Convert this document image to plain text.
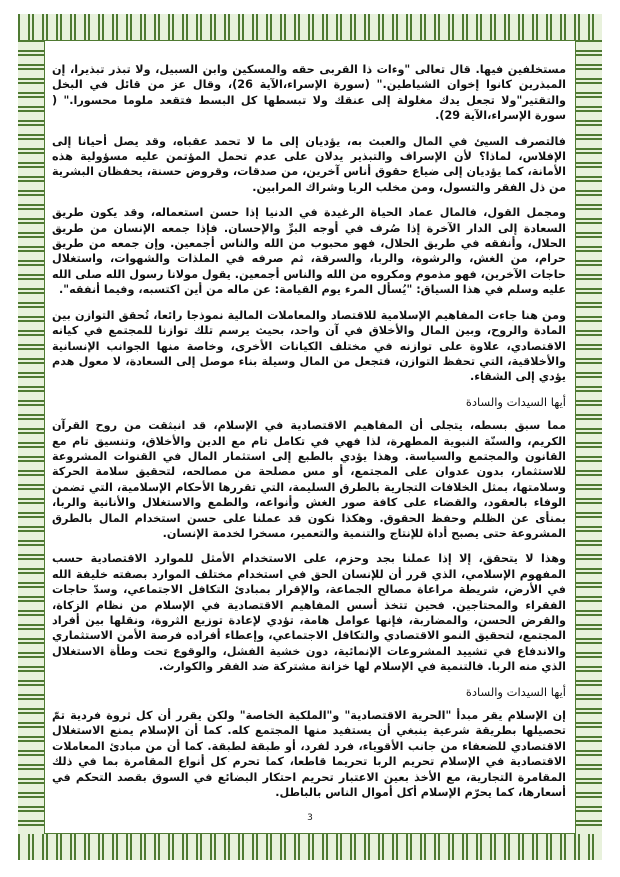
مستخلفين فيها. قال تعالى "وءات ذا القربى حقه والمسكين وابن السبيل، ولا تبذر تبذيرا، إن المبذرين كانوا إخوان الشياطين." (سورة الإسراء،الآية 26)، وقال عز من قائل في البخل والتقتير"ولا تجعل يدك مغلولة إلى عنقك ولا تبسطها كل البسط فتقعد ملوما محسورا." ( سورة الإسراء،الآية 29).

فالتصرف السيئ في المال والعبث به، يؤديان إلى ما لا تحمد عقباه، وقد يصل أحيانا إلى الإفلاس، لماذا؟ لأن الإسراف والتبذير يدلان على عدم تحمل المؤتمن عليه مسؤولية هذه الأمانة، كما يؤديان إلى ضياع حقوق أناس آخرين، من صدقات، وقروض حسنة، يحفظان البشرية من ذل الفقر والتسول، ومن مخلب الربا وشراك المرابين.

ومجمل القول، فالمال عماد الحياة الرغيدة في الدنيا إذا حسن استعماله، وقد يكون طريق السعادة إلى الدار الآخرة إذا صُرف في أوجه البرِّ والإحسان. فإذا جمعه الإنسان من طريق الحلال، وأنفقه في طريق الحلال، فهو محبوب من الله والناس أجمعين. وإن جمعه من طريق حرام، من الغش، والرشوة، والربا، والسرقة، ثم صرفه في الملذات والشهوات، واستغلال حاجات الآخرين، فهو مذموم ومكروه من الله والناس أجمعين. يقول مولانا رسول الله صلى الله عليه وسلم في هذا السياق: "يُسأل المرء يوم القيامة: عن ماله من أين اكتسبه، وفيما أنفقه".

ومن هنا جاءت المفاهيم الإسلامية للاقتصاد والمعاملات المالية نموذجا رائعا، تُحقق التوازن بين المادة والروح، وبين المال والأخلاق في آن واحد، بحيث يرسم تلك توازنا للمجتمع في كيانه الاقتصادي، علاوة على توازنه في مختلف الكيانات الأخرى، وخاصة منها الجوانب الإنسانية والأخلاقية، التي تحفظ التوازن، فتجعل من المال وسيلة بناء موصل إلى السعادة، لا معول هدم يؤدي إلى الشقاء.

أيها السيدات والسادة

مما سبق بسطه، يتجلى أن المفاهيم الاقتصادية في الإسلام، قد انبثقت من روح القرآن الكريم، والسنّة النبوية المطهرة، لذا فهي في تكامل تام مع الدين والأخلاق، وتنسيق تام مع القانون والمجتمع والسياسة. وهذا يؤدي بالطبع إلى استثمار المال في القنوات المشروعة للاستثمار، بدون عدوان على المجتمع، أو مس مصلحة من مصالحه، لتحقيق سلامة الحركة وسلامتها، بمثل الخلافات التجارية بالطرق السليمة، التي تقررها الأحكام الإسلامية، التي تضمن الوفاء بالعقود، والقضاء على كافة صور الغش وأنواعه، والطمع والاستغلال والأنانية والربا، بمنأى عن الظلم وحفظ الحقوق. وهكذا نكون قد عملنا على حسن استخدام المال بالطرق المشروعة حتى يصبح أداة للإنتاج والتنمية والتعمير، مسخرا لخدمة الإنسان.

وهذا لا يتحقق، إلا إذا عملنا بجد وحزم، على الاستخدام الأمثل للموارد الاقتصادية حسب المفهوم الإسلامي، الذي قرر أن للإنسان الحق في استخدام مختلف الموارد بصفته خليفة الله في الأرض، شريطة مراعاة مصالح الجماعة، والإقرار بمبادئ التكافل الاجتماعي، وسدّ حاجات الفقراء والمحتاجين. فحين تتخذ أسس المفاهيم الاقتصادية في الإسلام من نظام الزكاة، والقرض الحسن، والمضاربة، فإنها عوامل هامة، تؤدي لإعادة توزيع الثروة، ونقلها بين أفراد المجتمع، لتحقيق النمو الاقتصادي والتكافل الاجتماعي، وإعطاء أفراده فرصة الأمن الاستثماري والاندفاع في تشييد المشروعات الإنمائية، دون خشية الفشل، والوقوع تحت وطأة الاستغلال الذي منه الربا. فالتنمية في الإسلام لها خزانة مشتركة ضد الفقر والكوارث.

أيها السيدات والسادة

إن الإسلام يقر مبدأ "الحرية الاقتصادية" و"الملكية الخاصة" ولكن يقرر أن كل ثروة فردية تمّ تحصيلها بطريقة شرعية ينبغي أن يستفيد منها المجتمع كله. كما أن الإسلام يمنع الاستغلال الاقتصادي للضعفاء من جانب الأقوياء، فرد لفرد، أو طبقة لطبقة. كما أن من مبادئ المعاملات الاقتصادية في الإسلام تحريم الربا تحريما قاطعا، كما تحرم كل أنواع المقامرة بما في ذلك المقامرة التجارية، مع الأخذ بعين الاعتبار تحريم احتكار البضائع في السوق بقصد التحكم في أسعارها، كما يحرّم الإسلام أكل أموال الناس بالباطل.

3
